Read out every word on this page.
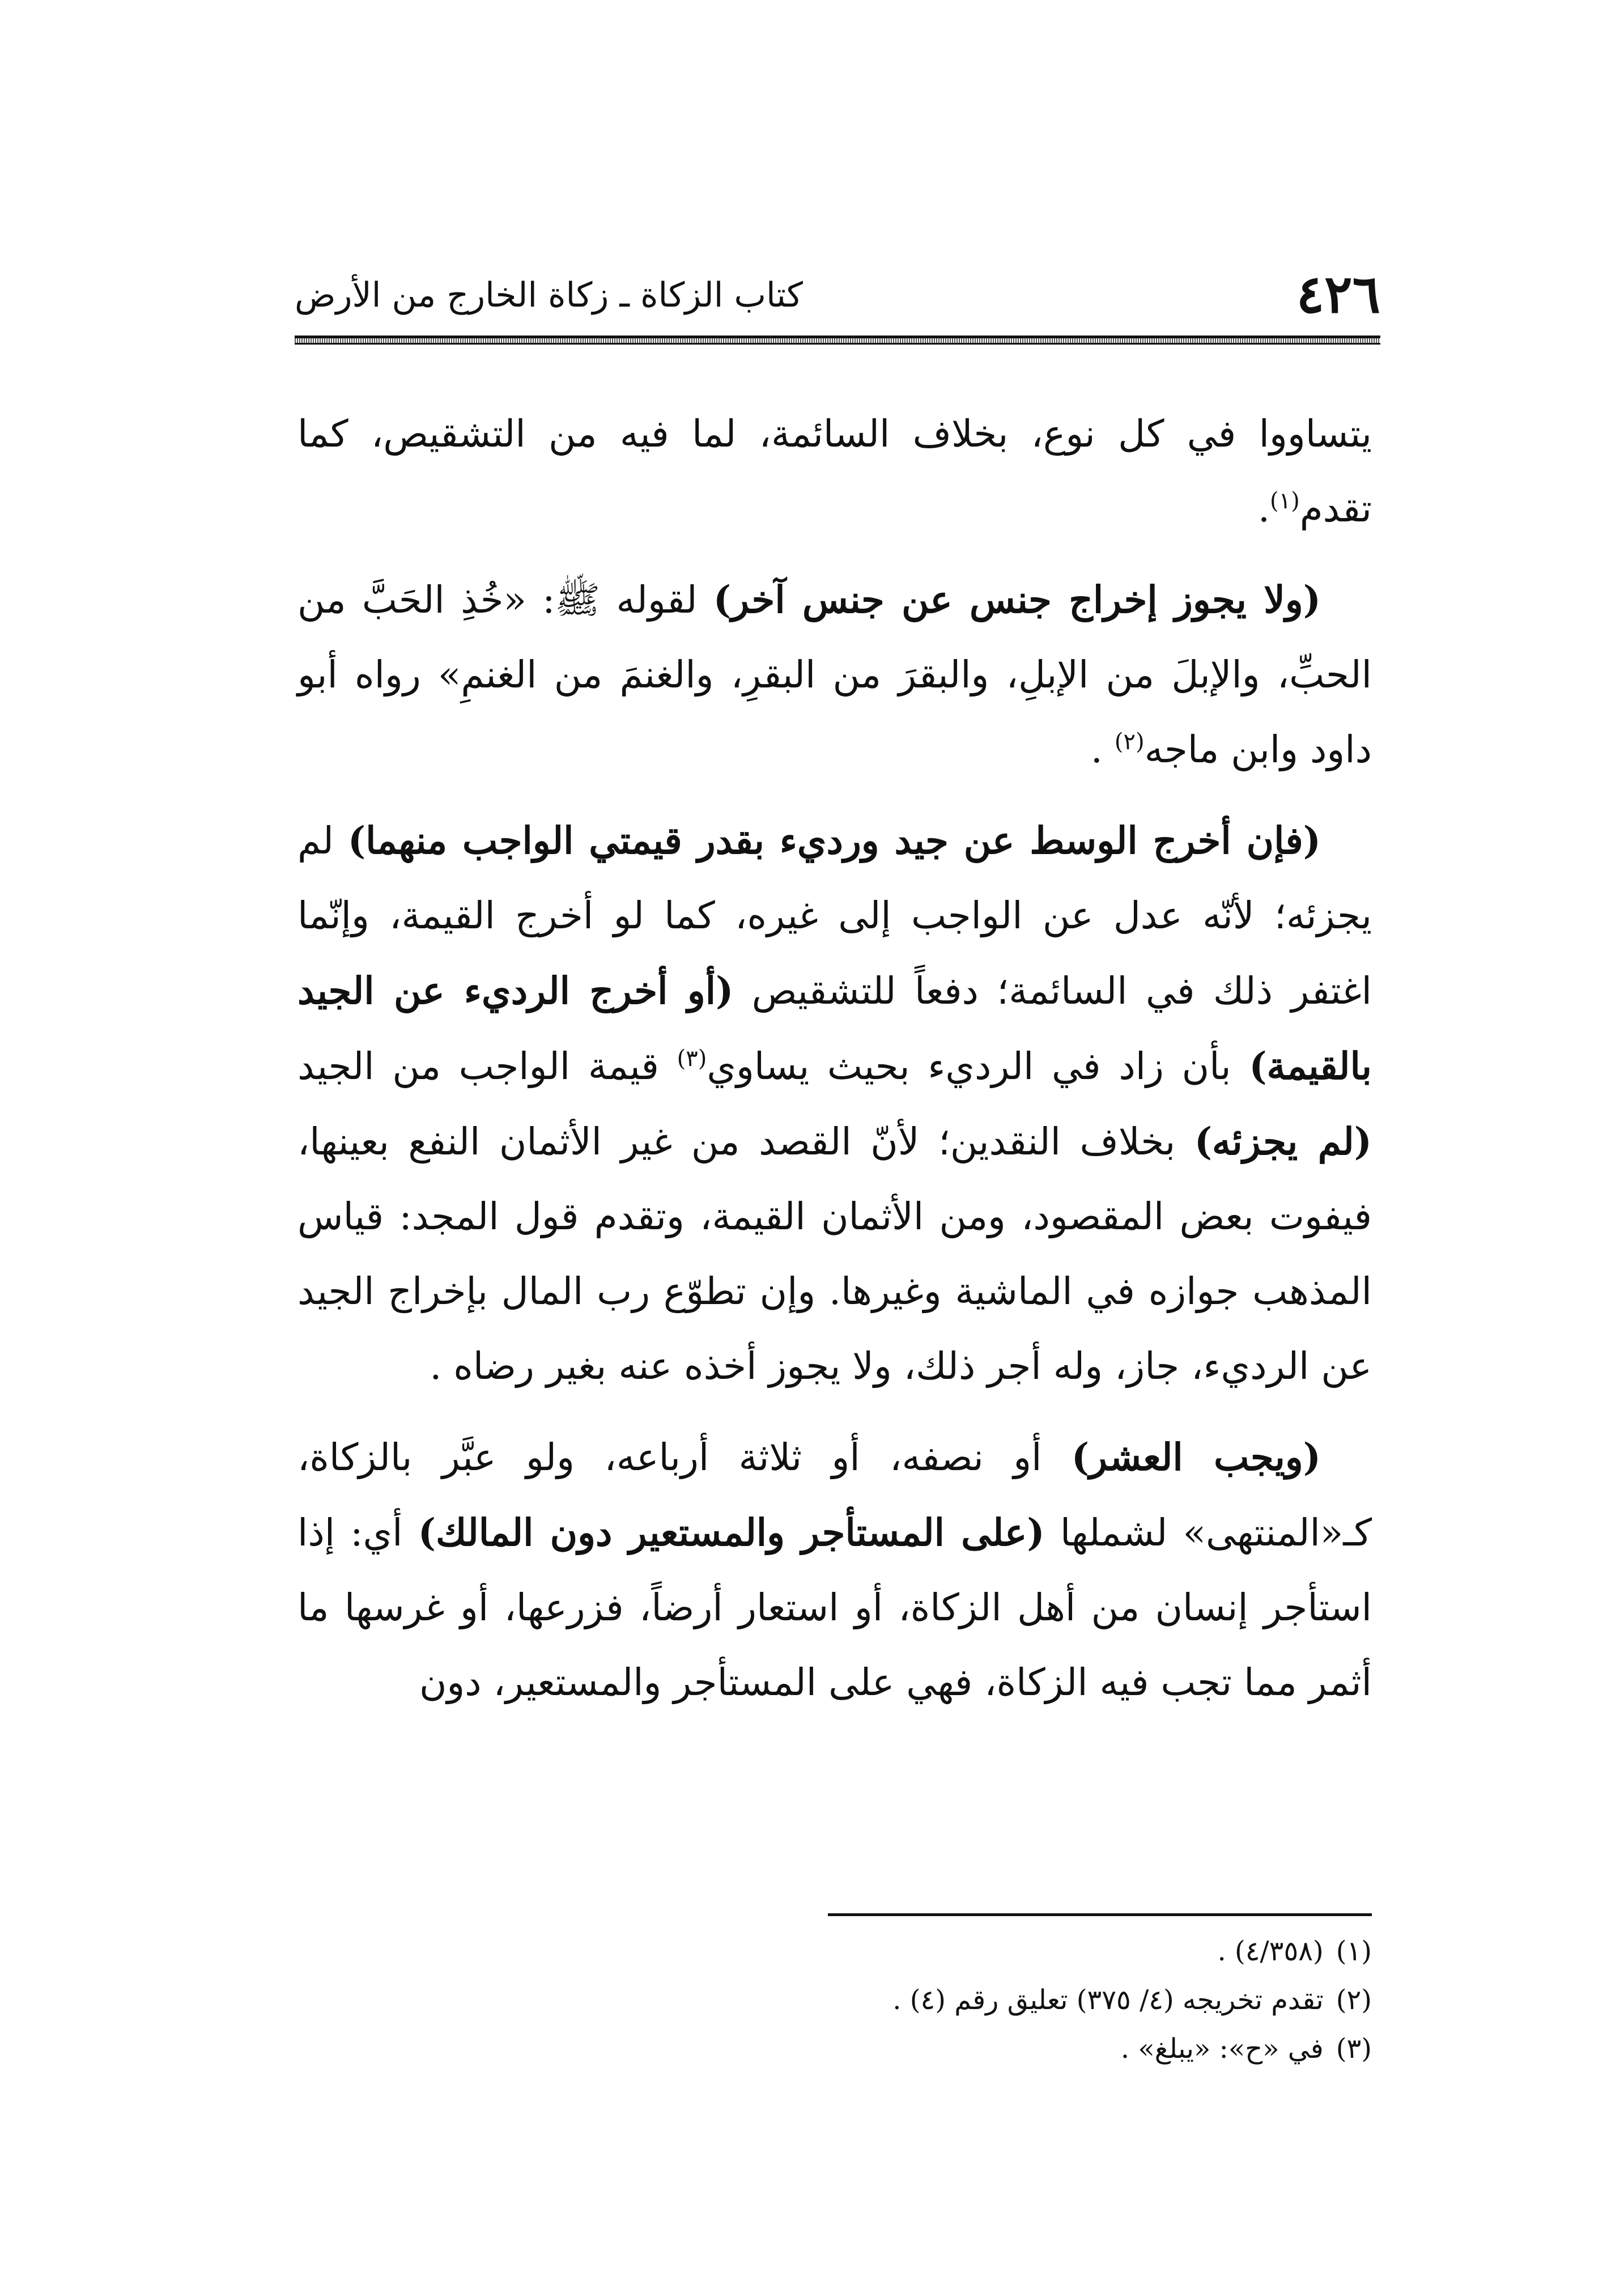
٤٢٦
كتاب الزكاة ـ زكاة الخارج من الأرض

يتساووا في كل نوع، بخلاف السائمة، لما فيه من التشقيص، كما تقدم$^{(١)}$.

(ولا يجوز إخراج جنس عن جنس آخر) لقوله ﷺ: «خُذِ الحَبَّ من الحبِّ، والإبلَ من الإبلِ، والبقرَ من البقرِ، والغنمَ من الغنمِ» رواه أبو داود وابن ماجه$^{(٢)}$ .

(فإن أخرج الوسط عن جيد ورديء بقدر قيمتي الواجب منهما) لم يجزئه؛ لأنّه عدل عن الواجب إلى غيره، كما لو أخرج القيمة، وإنّما اغتفر ذلك في السائمة؛ دفعاً للتشقيص (أو أخرج الرديء عن الجيد بالقيمة) بأن زاد في الرديء بحيث يساوي$^{(٣)}$ قيمة الواجب من الجيد (لم يجزئه) بخلاف النقدين؛ لأنّ القصد من غير الأثمان النفع بعينها، فيفوت بعض المقصود، ومن الأثمان القيمة، وتقدم قول المجد: قياس المذهب جوازه في الماشية وغيرها. وإن تطوّع رب المال بإخراج الجيد عن الرديء، جاز، وله أجر ذلك، ولا يجوز أخذه عنه بغير رضاه .

(ويجب العشر) أو نصفه، أو ثلاثة أرباعه، ولو عبَّر بالزكاة، كـ«المنتهى» لشملها (على المستأجر والمستعير دون المالك) أي: إذا استأجر إنسان من أهل الزكاة، أو استعار أرضاً، فزرعها، أو غرسها ما أثمر مما تجب فيه الزكاة، فهي على المستأجر والمستعير، دون

(١)(٤/٣٥٨) .

(٢)تقدم تخريجه (٤/ ٣٧٥) تعليق رقم (٤) .

(٣)في «ح»: «يبلغ» .
